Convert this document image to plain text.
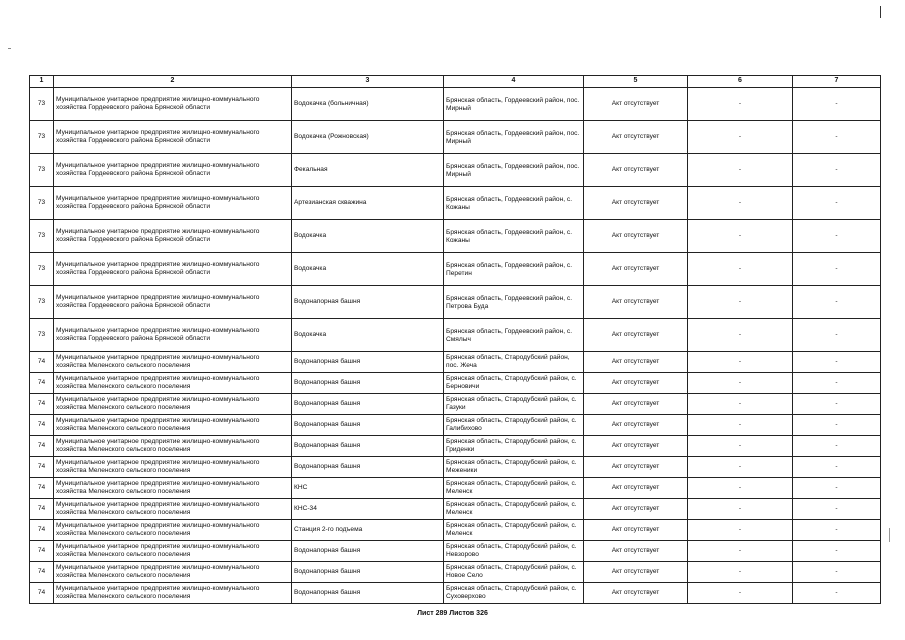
1	2	3	4	5	6	7
73	Муниципальное унитарное предприятие жилищно-коммунального хозяйства Гордеевского района Брянской области	Водокачка (больничная)	Брянская область, Гордеевский район, пос. Мирный	Акт отсутствует	-	-
73	Муниципальное унитарное предприятие жилищно-коммунального хозяйства Гордеевского района Брянской области	Водокачка (Рожновская)	Брянская область, Гордеевский район, пос. Мирный	Акт отсутствует	-	-
73	Муниципальное унитарное предприятие жилищно-коммунального хозяйства Гордеевского района Брянской области	Фекальная	Брянская область, Гордеевский район, пос. Мирный	Акт отсутствует	-	-
73	Муниципальное унитарное предприятие жилищно-коммунального хозяйства Гордеевского района Брянской области	Артезианская скважина	Брянская область, Гордеевский район, с. Кожаны	Акт отсутствует	-	-
73	Муниципальное унитарное предприятие жилищно-коммунального хозяйства Гордеевского района Брянской области	Водокачка	Брянская область, Гордеевский район, с. Кожаны	Акт отсутствует	-	-
73	Муниципальное унитарное предприятие жилищно-коммунального хозяйства Гордеевского района Брянской области	Водокачка	Брянская область, Гордеевский район, с. Перетин	Акт отсутствует	-	-
73	Муниципальное унитарное предприятие жилищно-коммунального хозяйства Гордеевского района Брянской области	Водонапорная башня	Брянская область, Гордеевский район, с. Петрова Буда	Акт отсутствует	-	-
73	Муниципальное унитарное предприятие жилищно-коммунального хозяйства Гордеевского района Брянской области	Водокачка	Брянская область, Гордеевский район, с. Смялыч	Акт отсутствует	-	-
74	Муниципальное унитарное предприятие жилищно-коммунального хозяйства Меленского сельского поселения	Водонапорная башня	Брянская область, Стародубский район, пос. Жеча	Акт отсутствует	-	-
74	Муниципальное унитарное предприятие жилищно-коммунального хозяйства Меленского сельского поселения	Водонапорная башня	Брянская область, Стародубский район, с. Берновичи	Акт отсутствует	-	-
74	Муниципальное унитарное предприятие жилищно-коммунального хозяйства Меленского сельского поселения	Водонапорная башня	Брянская область, Стародубский район, с. Газуки	Акт отсутствует	-	-
74	Муниципальное унитарное предприятие жилищно-коммунального хозяйства Меленского сельского поселения	Водонапорная башня	Брянская область, Стародубский район, с. Галибихово	Акт отсутствует	-	-
74	Муниципальное унитарное предприятие жилищно-коммунального хозяйства Меленского сельского поселения	Водонапорная башня	Брянская область, Стародубский район, с. Гриденки	Акт отсутствует	-	-
74	Муниципальное унитарное предприятие жилищно-коммунального хозяйства Меленского сельского поселения	Водонапорная башня	Брянская область, Стародубский район, с. Меженики	Акт отсутствует	-	-
74	Муниципальное унитарное предприятие жилищно-коммунального хозяйства Меленского сельского поселения	КНС	Брянская область, Стародубский район, с. Меленск	Акт отсутствует	-	-
74	Муниципальное унитарное предприятие жилищно-коммунального хозяйства Меленского сельского поселения	КНС-34	Брянская область, Стародубский район, с. Меленск	Акт отсутствует	-	-
74	Муниципальное унитарное предприятие жилищно-коммунального хозяйства Меленского сельского поселения	Станция 2-го подъема	Брянская область, Стародубский район, с. Меленск	Акт отсутствует	-	-
74	Муниципальное унитарное предприятие жилищно-коммунального хозяйства Меленского сельского поселения	Водонапорная башня	Брянская область, Стародубский район, с. Невзорово	Акт отсутствует	-	-
74	Муниципальное унитарное предприятие жилищно-коммунального хозяйства Меленского сельского поселения	Водонапорная башня	Брянская область, Стародубский район, с. Новое Село	Акт отсутствует	-	-
74	Муниципальное унитарное предприятие жилищно-коммунального хозяйства Меленского сельского поселения	Водонапорная башня	Брянская область, Стародубский район, с. Суховерхово	Акт отсутствует	-	-
Лист 289 Листов 326
